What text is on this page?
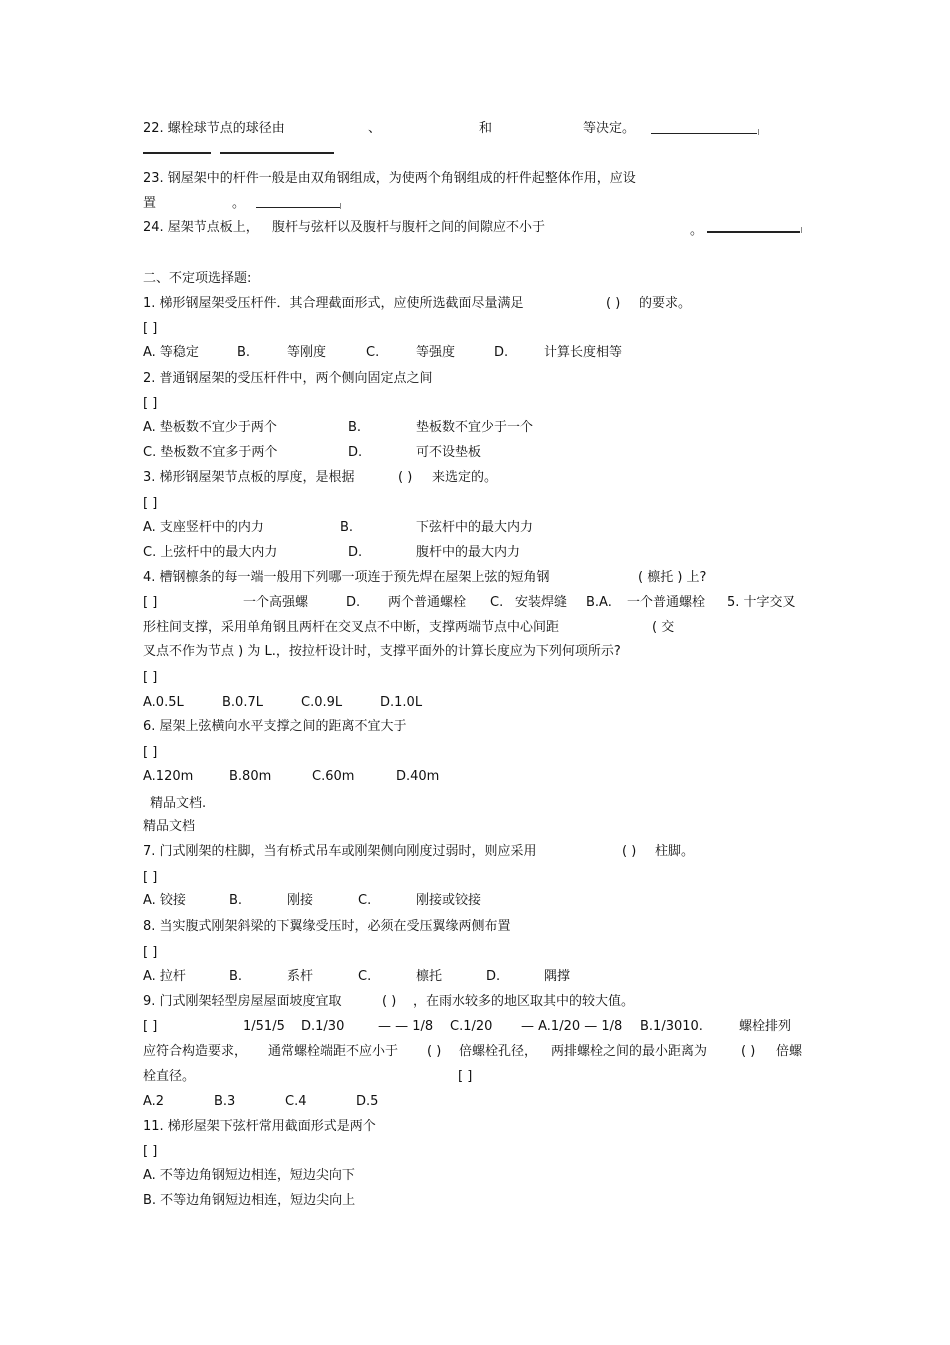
22. 螺栓球节点的球径由	、	和	等决定。
23. 钢屋架中的杆件一般是由双角钢组成，为使两个角钢组成的杆件起整体作用，应设
置	。
24. 屋架节点板上， 腹杆与弦杆以及腹杆与腹杆之间的间隙应不小于	。
二、不定项选择题:
1. 梯形钢屋架受压杆件．其合理截面形式，应使所选截面尽量满足	( ) 的要求。
[ ]
A. 等稳定	B.	等刚度	C.	等强度	D.	计算长度相等
2. 普通钢屋架的受压杆件中，两个侧向固定点之间
[ ]
A. 垫板数不宜少于两个	B.	垫板数不宜少于一个
C. 垫板数不宜多于两个	D.	可不设垫板
3. 梯形钢屋架节点板的厚度，是根据	( ) 来选定的。
[ ]
A. 支座竖杆中的内力	B.	下弦杆中的最大内力
C. 上弦杆中的最大内力	D.	腹杆中的最大内力
4. 槽钢檩条的每一端一般用下列哪一项连于预先焊在屋架上弦的短角钢	( 檩托 ) 上?
[ ]	一个高强螺	D. 两个普通螺栓 C. 安装焊缝 B.A. 一个普通螺栓 5. 十字交叉
形柱间支撑，采用单角钢且两杆在交叉点不中断，支撑两端节点中心间距	( 交
叉点不作为节点 ) 为 L.，按拉杆设计时，支撑平面外的计算长度应为下列何项所示?
[ ]
A.0.5L	B.0.7L	C.0.9L	D.1.0L
6. 屋架上弦横向水平支撑之间的距离不宜大于
[ ]
A.120m	B.80m	C.60m	D.40m
精品文档.
精品文档
7. 门式刚架的柱脚，当有桥式吊车或刚架侧向刚度过弱时，则应采用	( ) 柱脚。
[ ]
A. 铰接	B.	刚接	C.	刚接或铰接
8. 当实腹式刚架斜梁的下翼缘受压时，必须在受压翼缘两侧布置
[ ]
A. 拉杆	B.	系杆	C.	檩托	D.	隅撑
9. 门式刚架轻型房屋屋面坡度宜取	( ) ，在雨水较多的地区取其中的较大值。
[ ]	1/51/5 D.1/30	— — 1/8 C.1/20 — A.1/20 — 1/8 B.1/3010.	螺栓排列
应符合构造要求， 通常螺栓端距不应小于 ( ) 倍螺栓孔径， 两排螺栓之间的最小距离为	( ) 倍螺
栓直径。	[ ]
A.2	B.3	C.4	D.5
11. 梯形屋架下弦杆常用截面形式是两个
[ ]
A. 不等边角钢短边相连，短边尖向下
B. 不等边角钢短边相连，短边尖向上
